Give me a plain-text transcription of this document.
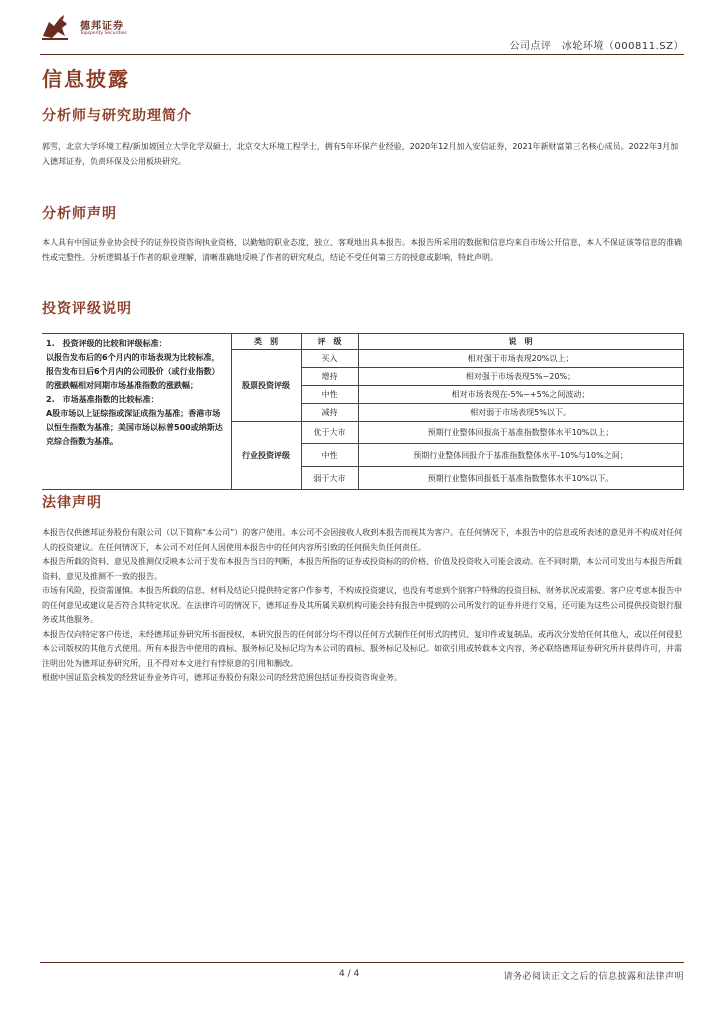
德邦证券
Topsperity Securities
公司点评　冰轮环境（000811.SZ）
信息披露
分析师与研究助理简介

郭雪，北京大学环境工程/新加坡国立大学化学双硕士，北京交大环境工程学士，拥有5年环保产业经验，2020年12月加入安信证券，2021年新财富第三名核心成员。2022年3月加入德邦证券，负责环保及公用板块研究。

分析师声明

本人具有中国证券业协会授予的证券投资咨询执业资格，以勤勉的职业态度，独立、客观地出具本报告。本报告所采用的数据和信息均来自市场公开信息，本人不保证该等信息的准确性或完整性。分析逻辑基于作者的职业理解，清晰准确地反映了作者的研究观点，结论不受任何第三方的授意或影响，特此声明。

投资评级说明
1.　投资评级的比较和评级标准：
以报告发布后的6个月内的市场表现为比较标准，报告发布日后6个月内的公司股价（或行业指数）的涨跌幅相对同期市场基准指数的涨跌幅；
2.　市场基准指数的比较标准：
A股市场以上证综指或深证成指为基准；香港市场以恒生指数为基准；美国市场以标普500或纳斯达克综合指数为基准。	类　别	评　级	说　明
	股票投资评级	买入	相对强于市场表现20%以上；
		增持	相对强于市场表现5%~20%；
		中性	相对市场表现在-5%~+5%之间波动；
		减持	相对弱于市场表现5%以下。
	行业投资评级	优于大市	预期行业整体回报高于基准指数整体水平10%以上；
		中性	预期行业整体回报介于基准指数整体水平-10%与10%之间；
		弱于大市	预期行业整体回报低于基准指数整体水平10%以下。
法律声明
本报告仅供德邦证券股份有限公司（以下简称“本公司”）的客户使用。本公司不会因接收人收到本报告而视其为客户。在任何情况下，本报告中的信息或所表述的意见并不构成对任何人的投资建议。在任何情况下，本公司不对任何人因使用本报告中的任何内容所引致的任何损失负任何责任。
本报告所载的资料、意见及推测仅反映本公司于发布本报告当日的判断，本报告所指的证券或投资标的的价格、价值及投资收入可能会波动。在不同时期，本公司可发出与本报告所载资料、意见及推测不一致的报告。
市场有风险，投资需谨慎。本报告所载的信息、材料及结论只提供特定客户作参考，不构成投资建议，也没有考虑到个别客户特殊的投资目标、财务状况或需要。客户应考虑本报告中的任何意见或建议是否符合其特定状况。在法律许可的情况下，德邦证券及其所属关联机构可能会持有报告中提到的公司所发行的证券并进行交易，还可能为这些公司提供投资银行服务或其他服务。
本报告仅向特定客户传送，未经德邦证券研究所书面授权，本研究报告的任何部分均不得以任何方式制作任何形式的拷贝、复印件或复制品，或再次分发给任何其他人，或以任何侵犯本公司版权的其他方式使用。所有本报告中使用的商标、服务标记及标记均为本公司的商标、服务标记及标记。如欲引用或转载本文内容，务必联络德邦证券研究所并获得许可，并需注明出处为德邦证券研究所，且不得对本文进行有悖原意的引用和删改。
根据中国证监会核发的经营证券业务许可，德邦证券股份有限公司的经营范围包括证券投资咨询业务。
4 / 4	请务必阅读正文之后的信息披露和法律声明
